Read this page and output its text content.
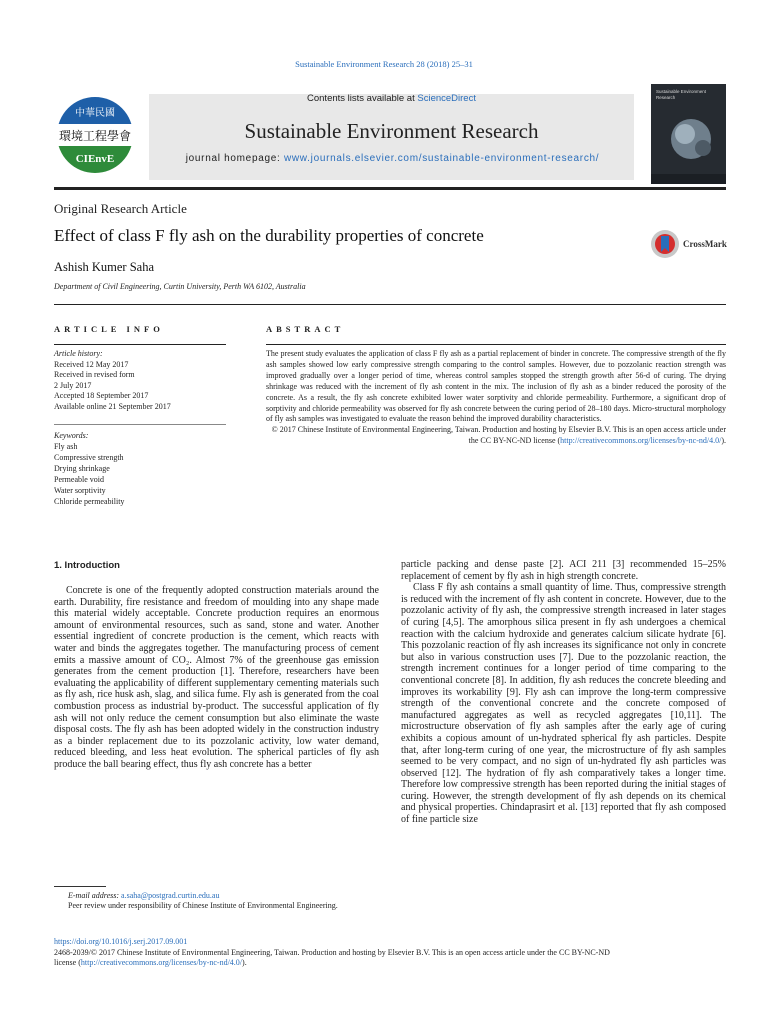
Sustainable Environment Research 28 (2018) 25–31
中華民國
環境工程學會
CIEnvE
Contents lists available at ScienceDirect
Sustainable Environment Research
journal homepage: www.journals.elsevier.com/sustainable-environment-research/
Sustainable Environment Research
Original Research Article
Effect of class F fly ash on the durability properties of concrete	CrossMark
Ashish Kumer Saha
Department of Civil Engineering, Curtin University, Perth WA 6102, Australia
ARTICLE INFO
Article history:
Received 12 May 2017
Received in revised form
2 July 2017
Accepted 18 September 2017
Available online 21 September 2017
Keywords:
Fly ash
Compressive strength
Drying shrinkage
Permeable void
Water sorptivity
Chloride permeability
ABSTRACT
The present study evaluates the application of class F fly ash as a partial replacement of binder in concrete. The compressive strength of the fly ash samples showed low early compressive strength comparing to the control samples. However, due to pozzolanic reaction strength was improved gradually over a longer period of time, whereas control samples stopped the strength growth after 56-d of curing. The drying shrinkage was reduced with the increment of fly ash content in the mix. The inclusion of fly ash as a binder reduced the porosity of the concrete. As a result, the fly ash concrete exhibited lower water sorptivity and chloride permeability. Furthermore, a significant drop of sorptivity and chloride permeability was observed for fly ash concrete between the curing period of 28–180 days. Micro-structural morphology of fly ash samples was investigated to evaluate the reason behind the improved durability characteristics.
© 2017 Chinese Institute of Environmental Engineering, Taiwan. Production and hosting by Elsevier B.V. This is an open access article under the CC BY-NC-ND license (http://creativecommons.org/licenses/by-nc-nd/4.0/).
1. Introduction

Concrete is one of the frequently adopted construction materials around the earth. Durability, fire resistance and freedom of moulding into any shape made this material widely acceptable. Concrete production requires an enormous amount of environmental resources, such as sand, stone and water. Another essential ingredient of concrete production is the cement, which reacts with water and binds the aggregates together. The manufacturing process of cement emits a massive amount of CO₂. Almost 7% of the greenhouse gas emission generates from the cement production [1]. Therefore, researchers have been evaluating the applicability of different supplementary cementing materials such as fly ash, rice husk ash, slag, and silica fume. Fly ash is generated from the coal combustion process as industrial by-product. The successful application of fly ash will not only reduce the cement consumption but also eliminate the waste disposal costs. The fly ash has been adopted widely in the construction industry as a binder replacement due to its pozzolanic activity, low water demand, reduced bleeding, and less heat evolution. The spherical particles of fly ash produce the ball bearing effect, thus fly ash concrete has a better

particle packing and dense paste [2]. ACI 211 [3] recommended 15–25% replacement of cement by fly ash in high strength concrete.

Class F fly ash contains a small quantity of lime. Thus, compressive strength is reduced with the increment of fly ash content in concrete. However, due to the pozzolanic activity of fly ash, the compressive strength increased in later stages of curing [4,5]. The amorphous silica present in fly ash undergoes a chemical reaction with the calcium hydroxide and generates calcium silicate hydrate [6]. This pozzolanic reaction of fly ash increases its significance not only in concrete but also in various construction uses [7]. Due to the pozzolanic reaction, the strength increment continues for a longer period of time comparing to the conventional concrete [8]. In addition, fly ash reduces the concrete bleeding and improves its workability [9]. Fly ash can improve the long-term compressive strength of the conventional concrete and the concrete composed of manufactured aggregates as well as recycled aggregates [10,11]. The microstructure observation of fly ash samples after the early age of curing exhibits a copious amount of un-hydrated spherical fly ash particles. Despite that, after long-term curing of one year, the microstructure of fly ash samples seemed to be very compact, and no sign of un-hydrated fly ash particles was observed [12]. The hydration of fly ash comparatively takes a longer time. Therefore low compressive strength has been reported during the initial stages of curing. However, the strength development of fly ash depends on its chemical and physical properties. Chindaprasirt et al. [13] reported that fly ash composed of fine particle size

E-mail address: a.saha@postgrad.curtin.edu.au
Peer review under responsibility of Chinese Institute of Environmental Engineering.
https://doi.org/10.1016/j.serj.2017.09.001
2468-2039/© 2017 Chinese Institute of Environmental Engineering, Taiwan. Production and hosting by Elsevier B.V. This is an open access article under the CC BY-NC-ND
license (http://creativecommons.org/licenses/by-nc-nd/4.0/).
